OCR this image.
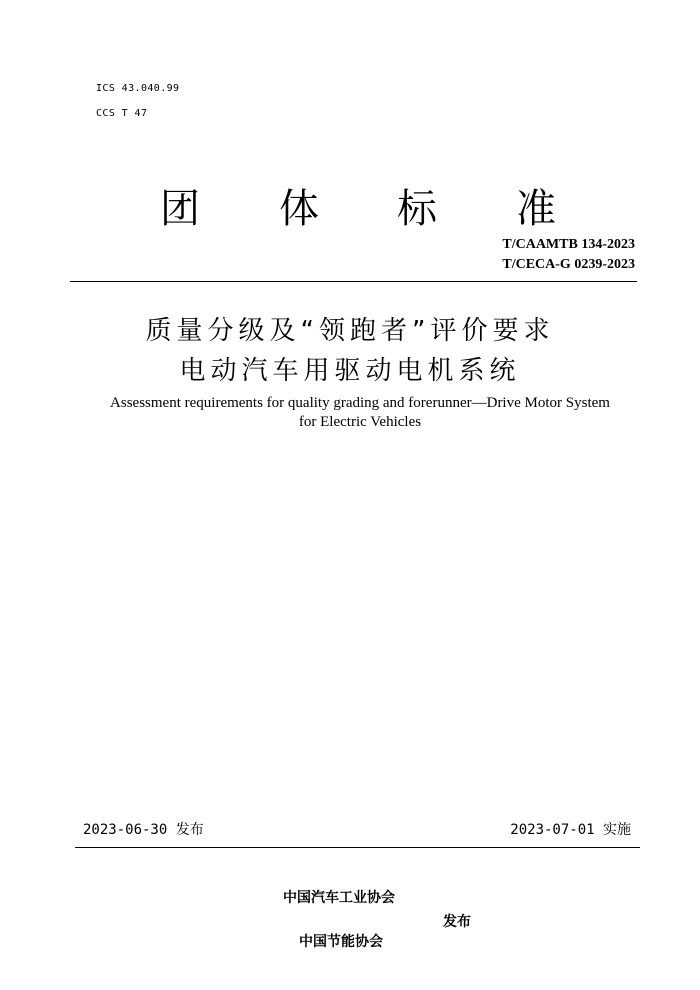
ICS 43.040.99
CCS T 47
团 体 标 准
T/CAAMTB 134-2023
T/CECA-G 0239-2023
质量分级及“领跑者”评价要求
电动汽车用驱动电机系统
Assessment requirements for quality grading and forerunner—Drive Motor System
for Electric Vehicles
2023-06-30 发布	2023-07-01 实施
中国汽车工业协会
发布
中国节能协会
